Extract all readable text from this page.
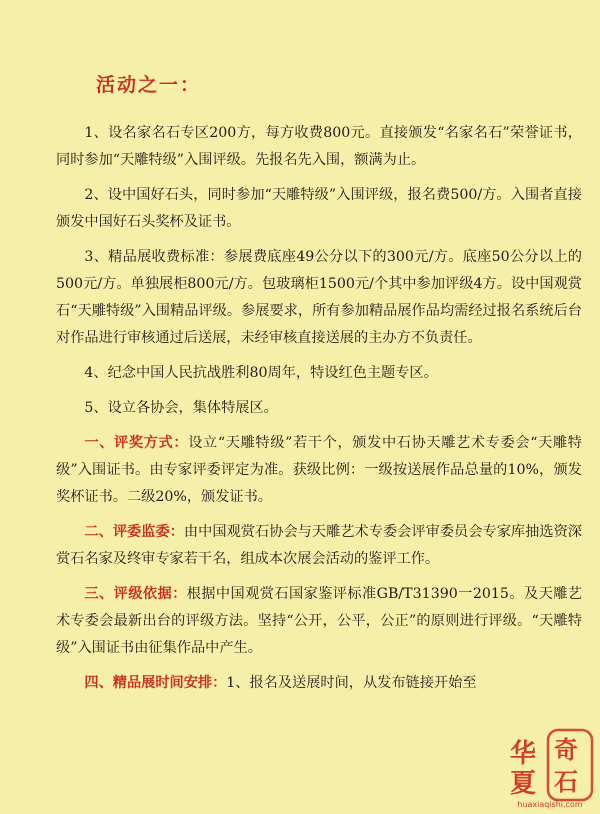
活动之一：

1、设名家名石专区200方，每方收费800元。直接颁发“名家名石”荣誉证书，同时参加“天雕特级”入围评级。先报名先入围，额满为止。

2、设中国好石头，同时参加“天雕特级”入围评级，报名费500/方。入围者直接颁发中国好石头奖杯及证书。

3、精品展收费标准：参展费底座49公分以下的300元/方。底座50公分以上的500元/方。单独展柜800元/方。包玻璃柜1500元/个其中参加评级4方。设中国观赏石“天雕特级”入围精品评级。参展要求，所有参加精品展作品均需经过报名系统后台对作品进行审核通过后送展，未经审核直接送展的主办方不负责任。

4、纪念中国人民抗战胜利80周年，特设红色主题专区。

5、设立各协会，集体特展区。

一、评奖方式：设立“天雕特级”若干个，颁发中石协天雕艺术专委会“天雕特级”入围证书。由专家评委评定为准。获级比例：一级按送展作品总量的10%，颁发奖杯证书。二级20%，颁发证书。

二、评委监委：由中国观赏石协会与天雕艺术专委会评审委员会专家库抽选资深赏石名家及终审专家若干名，组成本次展会活动的鉴评工作。

三、评级依据：根据中国观赏石国家鉴评标准GB/T31390一2015。及天雕艺术专委会最新出台的评级方法。坚持“公开，公平，公正”的原则进行评级。“天雕特级”入围证书由征集作品中产生。

四、精品展时间安排：1、报名及送展时间，从发布链接开始至

华 奇
夏 石
huaxiaqishi.com
